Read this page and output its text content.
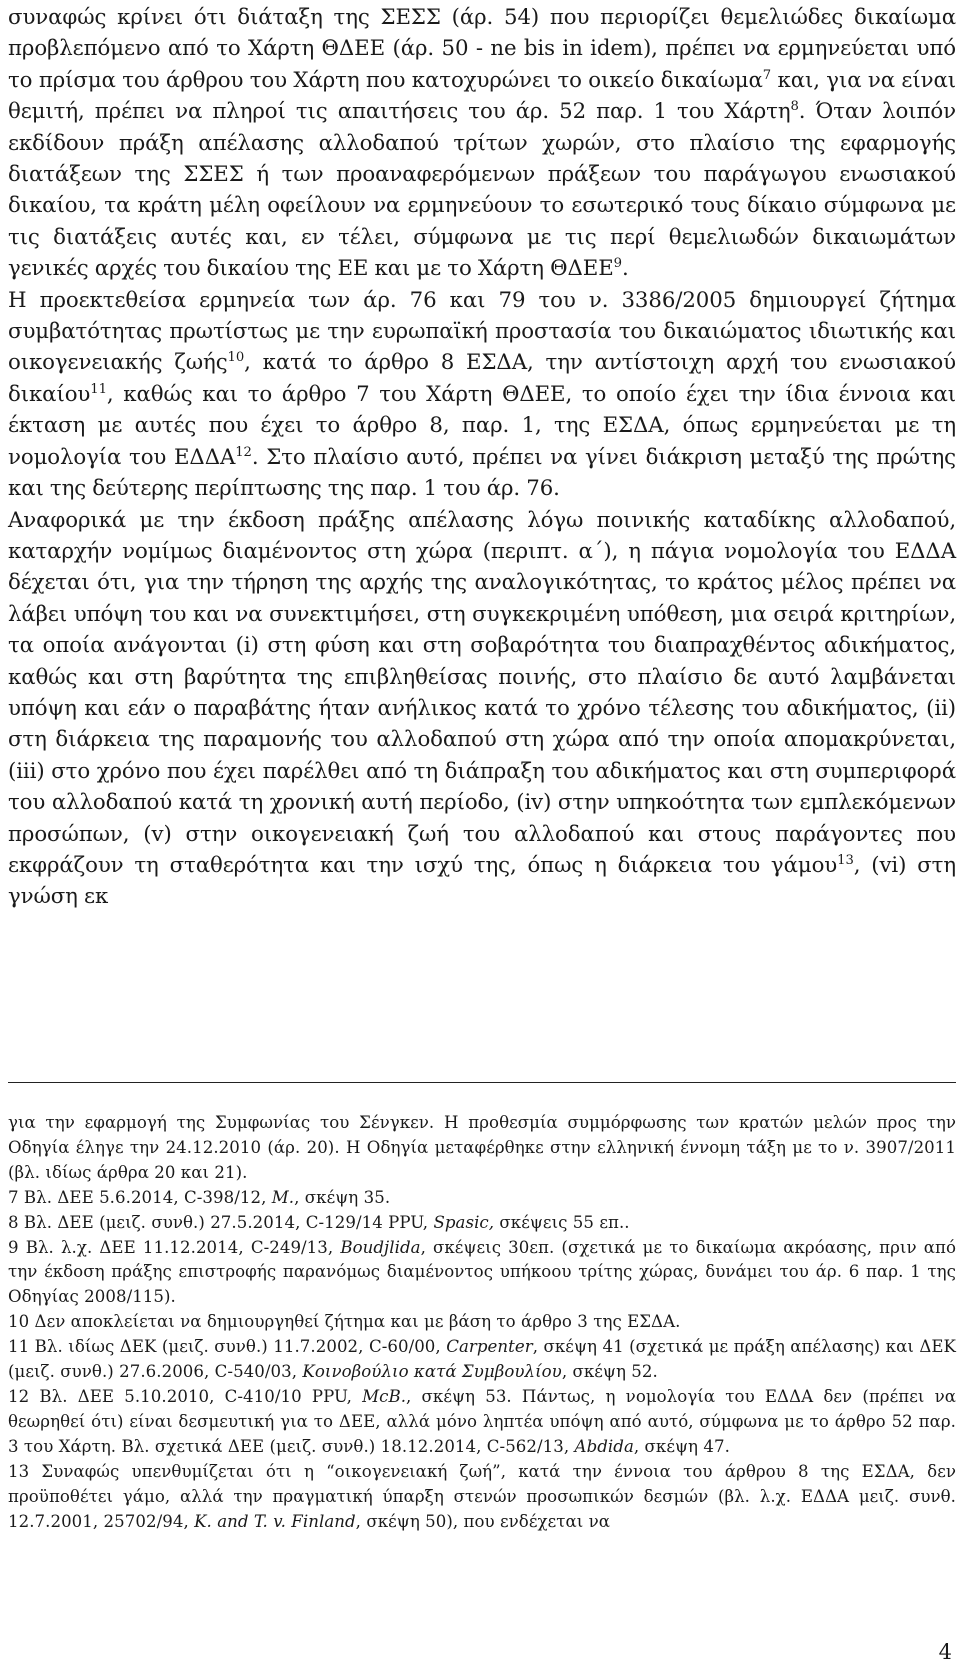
συναφώς κρίνει ότι διάταξη της ΣΕΣΣ (άρ. 54) που περιορίζει θεμελιώδες δικαίωμα προβλεπόμενο από το Χάρτη ΘΔΕΕ (άρ. 50 - ne bis in idem), πρέπει να ερμηνεύεται υπό το πρίσμα του άρθρου του Χάρτη που κατοχυρώνει το οικείο δικαίωμα$^7$ και, για να είναι θεμιτή, πρέπει να πληροί τις απαιτήσεις του άρ. 52 παρ. 1 του Χάρτη$^8$. Όταν λοιπόν εκδίδουν πράξη απέλασης αλλοδαπού τρίτων χωρών, στο πλαίσιο της εφαρμογής διατάξεων της ΣΣΕΣ ή των προαναφερόμενων πράξεων του παράγωγου ενωσιακού δικαίου, τα κράτη μέλη οφείλουν να ερμηνεύουν το εσωτερικό τους δίκαιο σύμφωνα με τις διατάξεις αυτές και, εν τέλει, σύμφωνα με τις περί θεμελιωδών δικαιωμάτων γενικές αρχές του δικαίου της ΕΕ και με το Χάρτη ΘΔΕΕ$^9$.

Η προεκτεθείσα ερμηνεία των άρ. 76 και 79 του ν. 3386/2005 δημιουργεί ζήτημα συμβατότητας πρωτίστως με την ευρωπαϊκή προστασία του δικαιώματος ιδιωτικής και οικογενειακής ζωής$^{10}$, κατά το άρθρο 8 ΕΣΔΑ, την αντίστοιχη αρχή του ενωσιακού δικαίου$^{11}$, καθώς και το άρθρο 7 του Χάρτη ΘΔΕΕ, το οποίο έχει την ίδια έννοια και έκταση με αυτές που έχει το άρθρο 8, παρ. 1, της ΕΣΔΑ, όπως ερμηνεύεται με τη νομολογία του ΕΔΔΑ$^{12}$. Στο πλαίσιο αυτό, πρέπει να γίνει διάκριση μεταξύ της πρώτης και της δεύτερης περίπτωσης της παρ. 1 του άρ. 76.

Αναφορικά με την έκδοση πράξης απέλασης λόγω ποινικής καταδίκης αλλοδαπού, καταρχήν νομίμως διαμένοντος στη χώρα (περιπτ. α΄), η πάγια νομολογία του ΕΔΔΑ δέχεται ότι, για την τήρηση της αρχής της αναλογικότητας, το κράτος μέλος πρέπει να λάβει υπόψη του και να συνεκτιμήσει, στη συγκεκριμένη υπόθεση, μια σειρά κριτηρίων, τα οποία ανάγονται (i) στη φύση και στη σοβαρότητα του διαπραχθέντος αδικήματος, καθώς και στη βαρύτητα της επιβληθείσας ποινής, στο πλαίσιο δε αυτό λαμβάνεται υπόψη και εάν ο παραβάτης ήταν ανήλικος κατά το χρόνο τέλεσης του αδικήματος, (ii) στη διάρκεια της παραμονής του αλλοδαπού στη χώρα από την οποία απομακρύνεται, (iii) στο χρόνο που έχει παρέλθει από τη διάπραξη του αδικήματος και στη συμπεριφορά του αλλοδαπού κατά τη χρονική αυτή περίοδο, (iv) στην υπηκοότητα των εμπλεκόμενων προσώπων, (v) στην οικογενειακή ζωή του αλλοδαπού και στους παράγοντες που εκφράζουν τη σταθερότητα και την ισχύ της, όπως η διάρκεια του γάμου$^{13}$, (vi) στη γνώση εκ

για την εφαρμογή της Συμφωνίας του Σένγκεν. Η προθεσμία συμμόρφωσης των κρατών μελών προς την Οδηγία έληγε την 24.12.2010 (άρ. 20). Η Οδηγία μεταφέρθηκε στην ελληνική έννομη τάξη με το ν. 3907/2011 (βλ. ιδίως άρθρα 20 και 21).

7 Βλ. ΔΕΕ 5.6.2014, C-398/12, M., σκέψη 35.

8 Βλ. ΔΕΕ (μειζ. συνθ.) 27.5.2014, C-129/14 PPU, Spasic, σκέψεις 55 επ..

9 Βλ. λ.χ. ΔΕΕ 11.12.2014, C-249/13, Boudjlida, σκέψεις 30επ. (σχετικά με το δικαίωμα ακρόασης, πριν από την έκδοση πράξης επιστροφής παρανόμως διαμένοντος υπήκοου τρίτης χώρας, δυνάμει του άρ. 6 παρ. 1 της Οδηγίας 2008/115).

10 Δεν αποκλείεται να δημιουργηθεί ζήτημα και με βάση το άρθρο 3 της ΕΣΔΑ.

11 Βλ. ιδίως ΔΕΚ (μειζ. συνθ.) 11.7.2002, C-60/00, Carpenter, σκέψη 41 (σχετικά με πράξη απέλασης) και ΔΕΚ (μειζ. συνθ.) 27.6.2006, C-540/03, Κοινοβούλιο κατά Συμβουλίου, σκέψη 52.

12 Βλ. ΔΕΕ 5.10.2010, C-410/10 PPU, McB., σκέψη 53. Πάντως, η νομολογία του ΕΔΔΑ δεν (πρέπει να θεωρηθεί ότι) είναι δεσμευτική για το ΔΕΕ, αλλά μόνο ληπτέα υπόψη από αυτό, σύμφωνα με το άρθρο 52 παρ. 3 του Χάρτη. Βλ. σχετικά ΔΕΕ (μειζ. συνθ.) 18.12.2014, C-562/13, Abdida, σκέψη 47.

13 Συναφώς υπενθυμίζεται ότι η “οικογενειακή ζωή”, κατά την έννοια του άρθρου 8 της ΕΣΔΑ, δεν προϋποθέτει γάμο, αλλά την πραγματική ύπαρξη στενών προσωπικών δεσμών (βλ. λ.χ. ΕΔΔΑ μειζ. συνθ. 12.7.2001, 25702/94, K. and T. v. Finland, σκέψη 50), που ενδέχεται να

4
